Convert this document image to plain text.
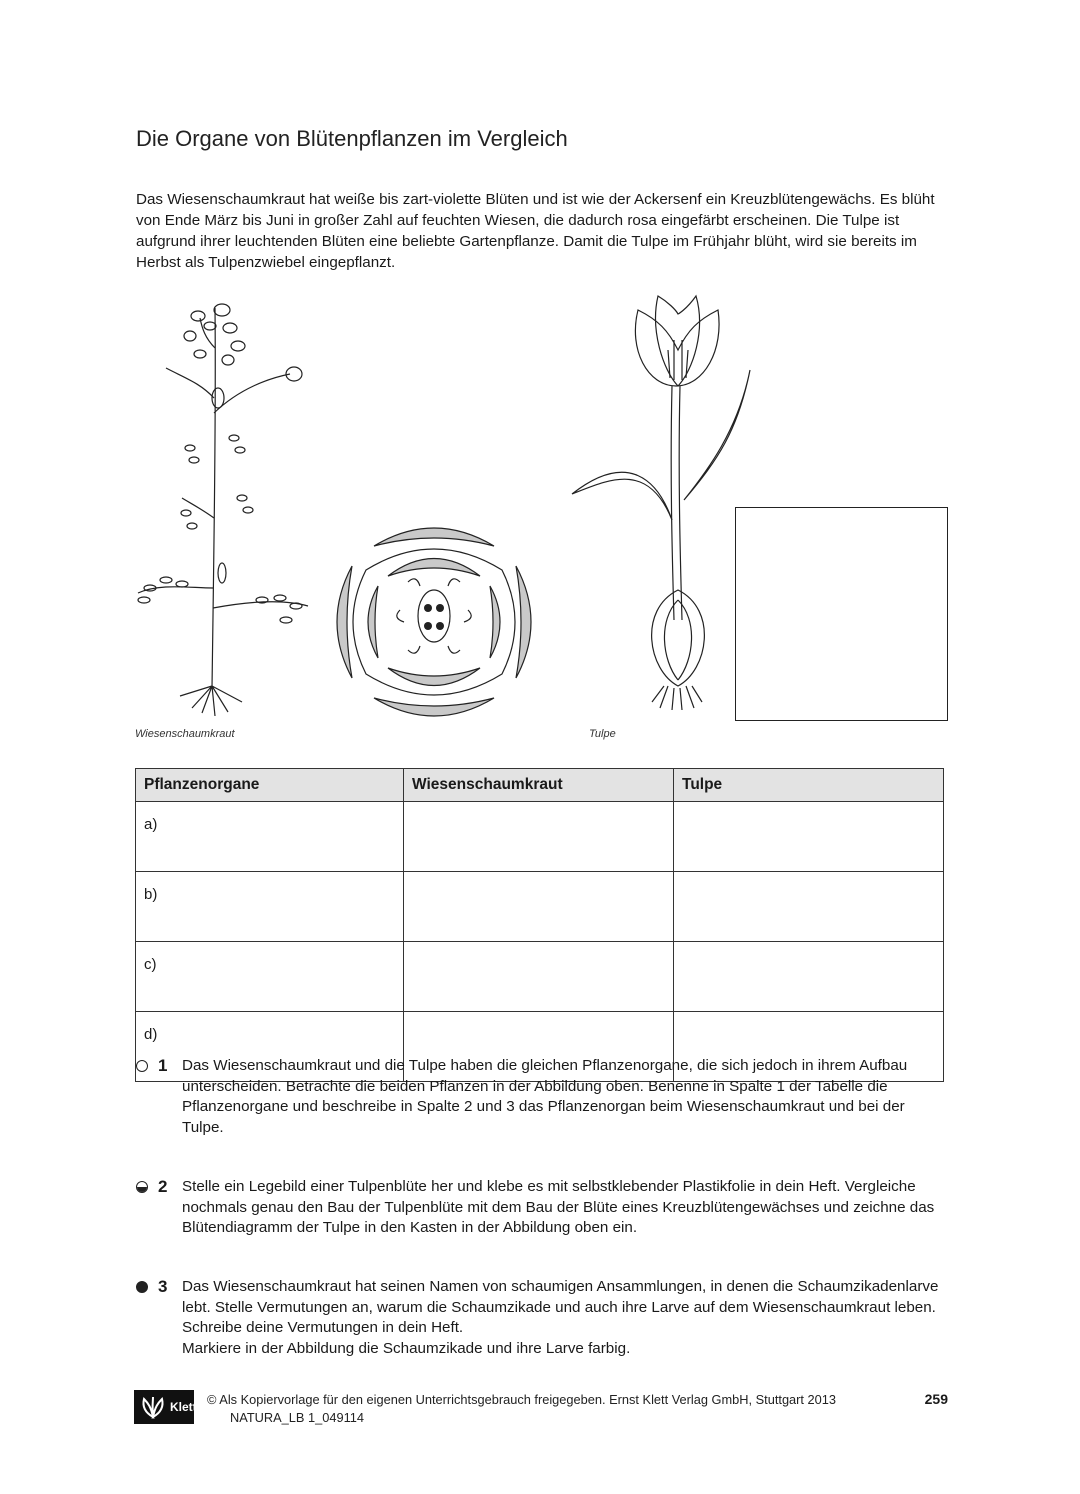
Die Organe von Blütenpflanzen im Vergleich

Das Wiesenschaumkraut hat weiße bis zart-violette Blüten und ist wie der Ackersenf ein Kreuzblütengewächs. Es blüht von Ende März bis Juni in großer Zahl auf feuchten Wiesen, die dadurch rosa eingefärbt erscheinen. Die Tulpe ist aufgrund ihrer leuchtenden Blüten eine beliebte Gartenpflanze. Damit die Tulpe im Frühjahr blüht, wird sie bereits im Herbst als Tulpenzwiebel eingepflanzt.

Wiesenschaumkraut	Tulpe
Pflanzenorgane	Wiesenschaumkraut	Tulpe
a)		
b)		
c)		
d)		
1 Das Wiesenschaumkraut und die Tulpe haben die gleichen Pflanzenorgane, die sich jedoch in ihrem Aufbau unterscheiden. Betrachte die beiden Pflanzen in der Abbildung oben. Benenne in Spalte 1 der Tabelle die Pflanzenorgane und beschreibe in Spalte 2 und 3 das Pflanzenorgan beim Wiesenschaumkraut und bei der Tulpe.
2 Stelle ein Legebild einer Tulpenblüte her und klebe es mit selbstklebender Plastikfolie in dein Heft. Vergleiche nochmals genau den Bau der Tulpenblüte mit dem Bau der Blüte eines Kreuzblütengewächses und zeichne das Blütendiagramm der Tulpe in den Kasten in der Abbildung oben ein.
3 Das Wiesenschaumkraut hat seinen Namen von schaumigen Ansammlungen, in denen die Schaumzikadenlarve lebt. Stelle Vermutungen an, warum die Schaumzikade und auch ihre Larve auf dem Wiesenschaumkraut leben. Schreibe deine Vermutungen in dein Heft.
Markiere in der Abbildung die Schaumzikade und ihre Larve farbig.
Klett © Als Kopiervorlage für den eigenen Unterrichtsgebrauch freigegeben. Ernst Klett Verlag GmbH, Stuttgart 2013
NATURA_LB 1_049114
259
